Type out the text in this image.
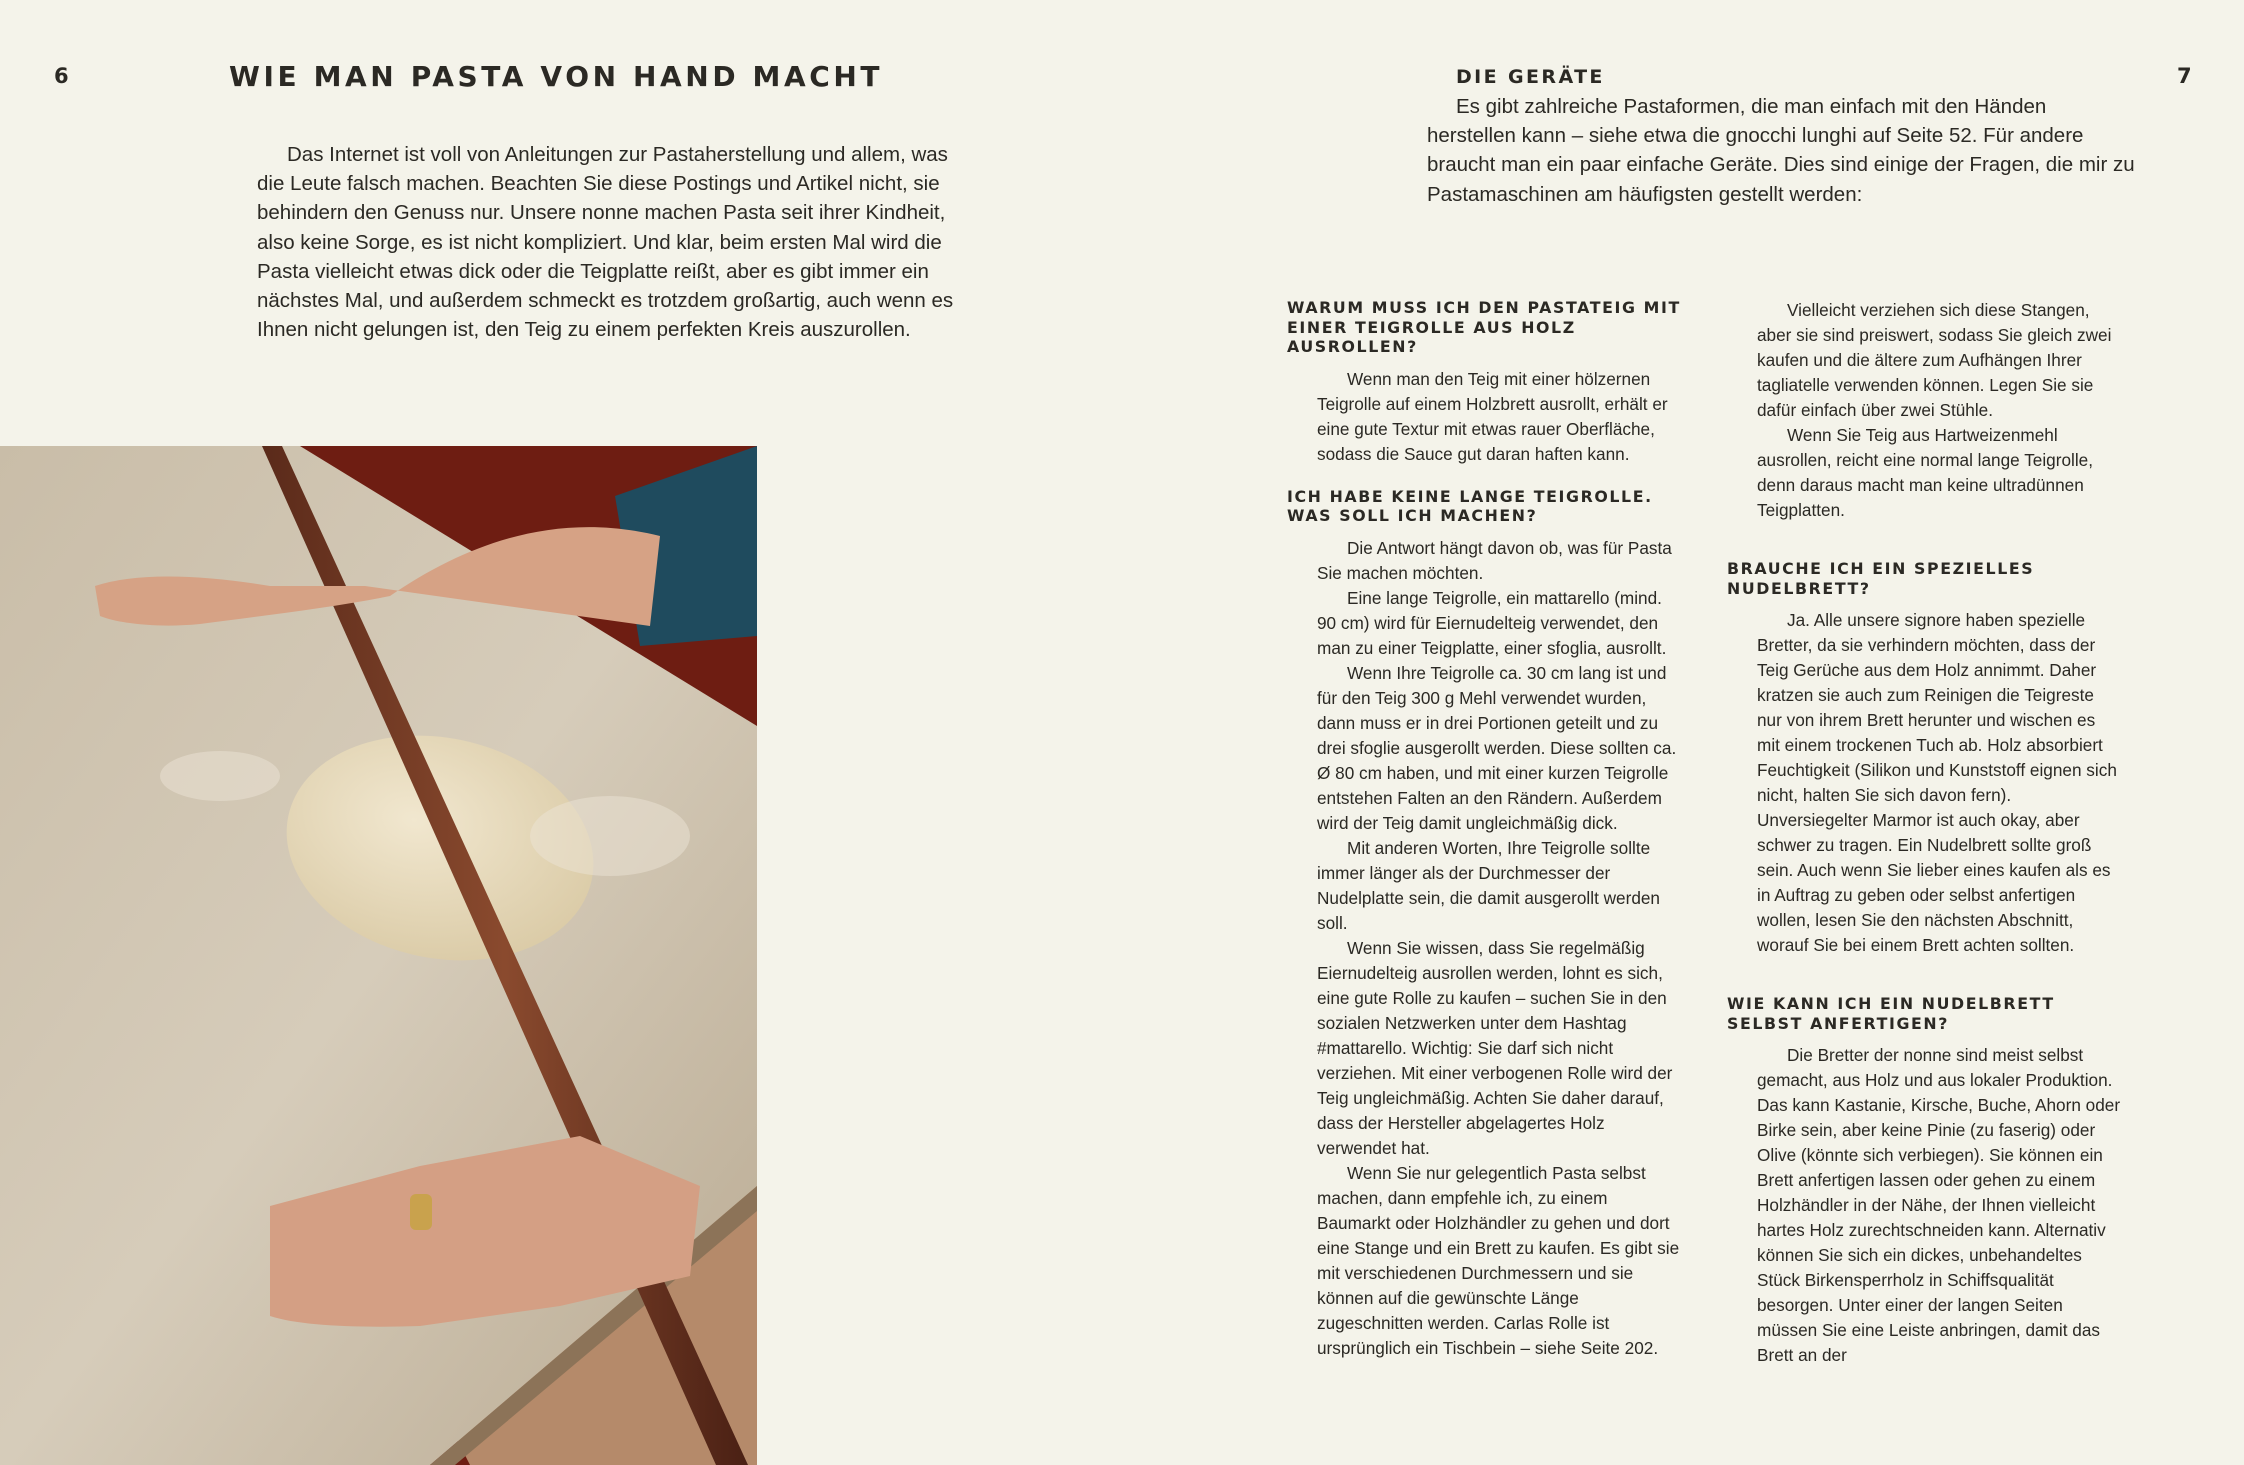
6	WIE MAN PASTA VON HAND MACHT

Das Internet ist voll von Anleitungen zur Pastaherstellung und allem, was die Leute falsch machen. Beachten Sie diese Postings und Artikel nicht, sie behindern den Genuss nur. Unsere nonne machen Pasta seit ihrer Kindheit, also keine Sorge, es ist nicht kompliziert. Und klar, beim ersten Mal wird die Pasta vielleicht etwas dick oder die Teigplatte reißt, aber es gibt immer ein nächstes Mal, und außerdem schmeckt es trotzdem großartig, auch wenn es Ihnen nicht gelungen ist, den Teig zu einem perfekten Kreis auszurollen.

7
DIE GERÄTE

Es gibt zahlreiche Pastaformen, die man einfach mit den Händen herstellen kann – siehe etwa die gnocchi lunghi auf Seite 52. Für andere braucht man ein paar einfache Geräte. Dies sind einige der Fragen, die mir zu Pastamaschinen am häufigsten gestellt werden:

WARUM MUSS ICH DEN PASTATEIG MIT EINER TEIGROLLE AUS HOLZ AUSROLLEN?

Wenn man den Teig mit einer hölzernen Teigrolle auf einem Holzbrett ausrollt, erhält er eine gute Textur mit etwas rauer Oberfläche, sodass die Sauce gut daran haften kann.

ICH HABE KEINE LANGE TEIGROLLE. WAS SOLL ICH MACHEN?

Die Antwort hängt davon ob, was für Pasta Sie machen möchten.

Eine lange Teigrolle, ein mattarello (mind. 90 cm) wird für Eiernudelteig verwendet, den man zu einer Teigplatte, einer sfoglia, ausrollt.

Wenn Ihre Teigrolle ca. 30 cm lang ist und für den Teig 300 g Mehl verwendet wurden, dann muss er in drei Portionen geteilt und zu drei sfoglie ausgerollt werden. Diese sollten ca. Ø 80 cm haben, und mit einer kurzen Teigrolle entstehen Falten an den Rändern. Außerdem wird der Teig damit ungleichmäßig dick.

Mit anderen Worten, Ihre Teigrolle sollte immer länger als der Durchmesser der Nudelplatte sein, die damit ausgerollt werden soll.

Wenn Sie wissen, dass Sie regelmäßig Eiernudelteig ausrollen werden, lohnt es sich, eine gute Rolle zu kaufen – suchen Sie in den sozialen Netzwerken unter dem Hashtag #mattarello. Wichtig: Sie darf sich nicht verziehen. Mit einer verbogenen Rolle wird der Teig ungleichmäßig. Achten Sie daher darauf, dass der Hersteller abgelagertes Holz verwendet hat.

Wenn Sie nur gelegentlich Pasta selbst machen, dann empfehle ich, zu einem Baumarkt oder Holzhändler zu gehen und dort eine Stange und ein Brett zu kaufen. Es gibt sie mit verschiedenen Durchmessern und sie können auf die gewünschte Länge zugeschnitten werden. Carlas Rolle ist ursprünglich ein Tischbein – siehe Seite 202.

Vielleicht verziehen sich diese Stangen, aber sie sind preiswert, sodass Sie gleich zwei kaufen und die ältere zum Aufhängen Ihrer tagliatelle verwenden können. Legen Sie sie dafür einfach über zwei Stühle.

Wenn Sie Teig aus Hartweizenmehl ausrollen, reicht eine normal lange Teigrolle, denn daraus macht man keine ultradünnen Teigplatten.

BRAUCHE ICH EIN SPEZIELLES NUDELBRETT?

Ja. Alle unsere signore haben spezielle Bretter, da sie verhindern möchten, dass der Teig Gerüche aus dem Holz annimmt. Daher kratzen sie auch zum Reinigen die Teigreste nur von ihrem Brett herunter und wischen es mit einem trockenen Tuch ab. Holz absorbiert Feuchtigkeit (Silikon und Kunststoff eignen sich nicht, halten Sie sich davon fern). Unversiegelter Marmor ist auch okay, aber schwer zu tragen. Ein Nudelbrett sollte groß sein. Auch wenn Sie lieber eines kaufen als es in Auftrag zu geben oder selbst anfertigen wollen, lesen Sie den nächsten Abschnitt, worauf Sie bei einem Brett achten sollten.

WIE KANN ICH EIN NUDELBRETT SELBST ANFERTIGEN?

Die Bretter der nonne sind meist selbst gemacht, aus Holz und aus lokaler Produktion. Das kann Kastanie, Kirsche, Buche, Ahorn oder Birke sein, aber keine Pinie (zu faserig) oder Olive (könnte sich verbiegen). Sie können ein Brett anfertigen lassen oder gehen zu einem Holzhändler in der Nähe, der Ihnen vielleicht hartes Holz zurechtschneiden kann. Alternativ können Sie sich ein dickes, unbehandeltes Stück Birkensperrholz in Schiffsqualität besorgen. Unter einer der langen Seiten müssen Sie eine Leiste anbringen, damit das Brett an der
